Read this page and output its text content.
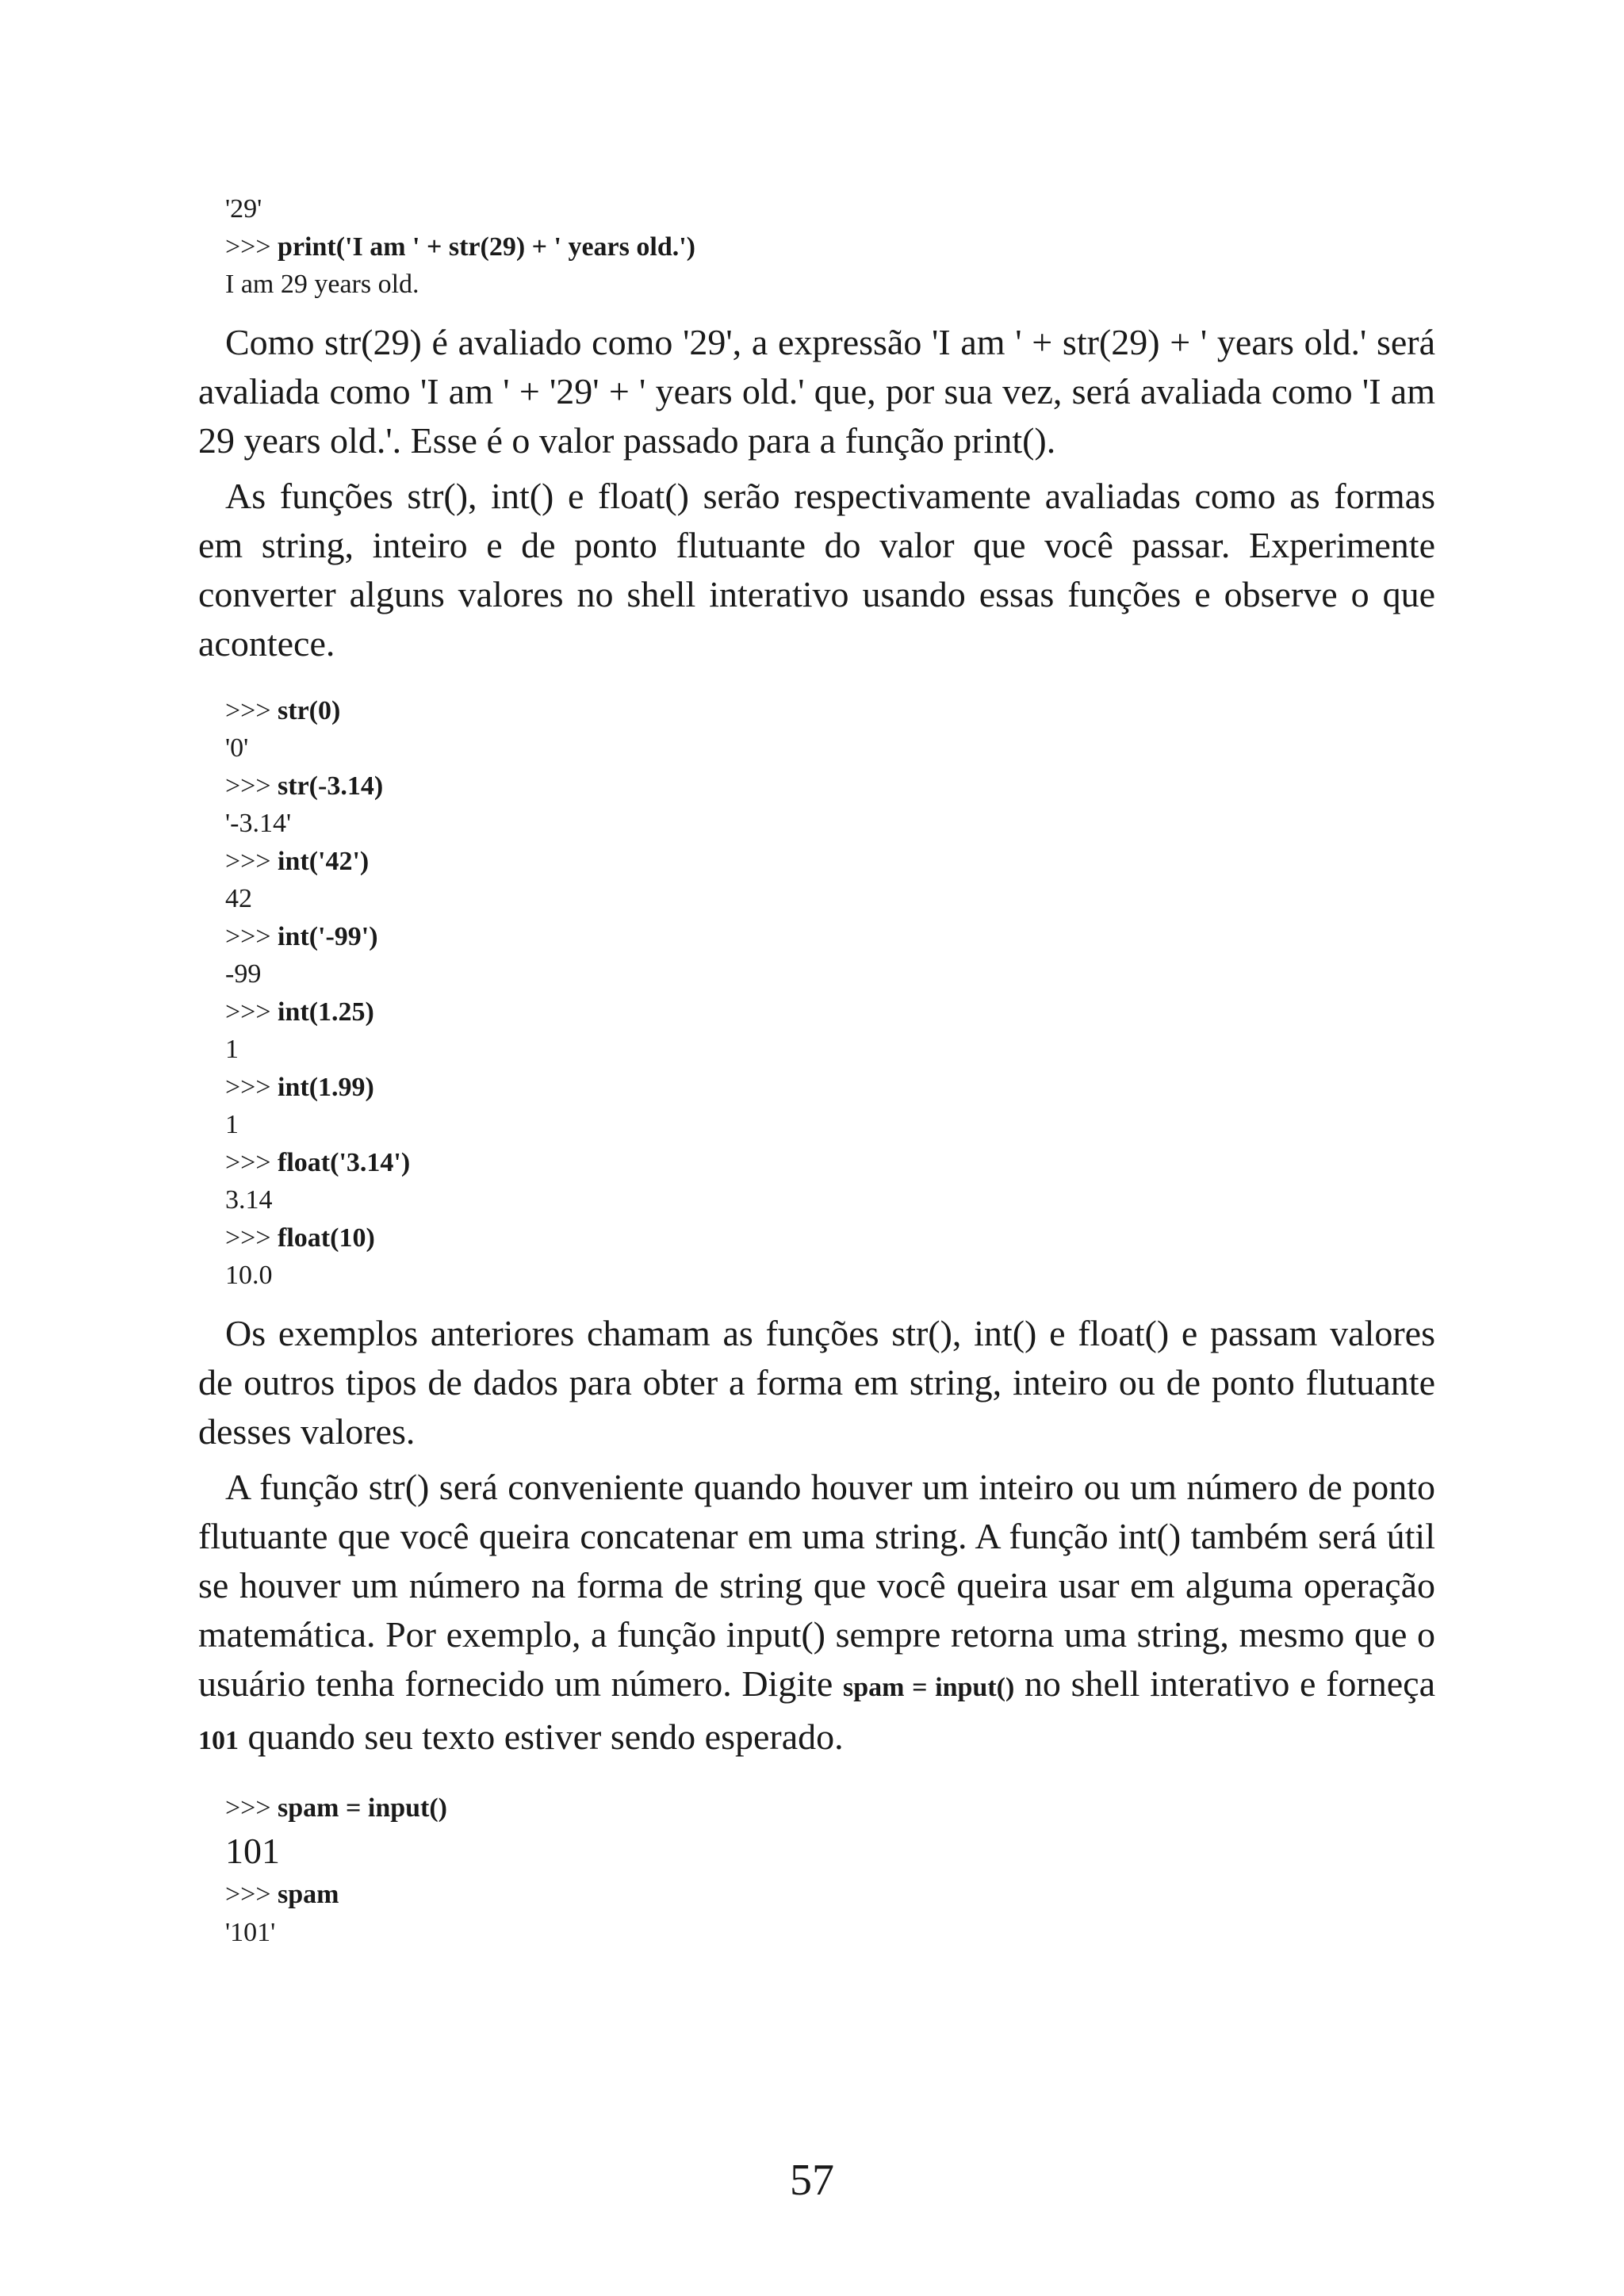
'29'
>>> print('I am ' + str(29) + ' years old.')
I am 29 years old.

Como str(29) é avaliado como '29', a expressão 'I am ' + str(29) + ' years old.' será avaliada como 'I am ' + '29' + ' years old.' que, por sua vez, será avaliada como 'I am 29 years old.'. Esse é o valor passado para a função print().

As funções str(), int() e float() serão respectivamente avaliadas como as formas em string, inteiro e de ponto flutuante do valor que você passar. Experimente converter alguns valores no shell interativo usando essas funções e observe o que acontece.

>>> str(0)
'0'
>>> str(-3.14)
'-3.14'
>>> int('42')
42
>>> int('-99')
-99
>>> int(1.25)
1
>>> int(1.99)
1
>>> float('3.14')
3.14
>>> float(10)
10.0

Os exemplos anteriores chamam as funções str(), int() e float() e passam valores de outros tipos de dados para obter a forma em string, inteiro ou de ponto flutuante desses valores.

A função str() será conveniente quando houver um inteiro ou um número de ponto flutuante que você queira concatenar em uma string. A função int() também será útil se houver um número na forma de string que você queira usar em alguma operação matemática. Por exemplo, a função input() sempre retorna uma string, mesmo que o usuário tenha fornecido um número. Digite spam = input() no shell interativo e forneça 101 quando seu texto estiver sendo esperado.

>>> spam = input()
101
>>> spam
'101'
57
